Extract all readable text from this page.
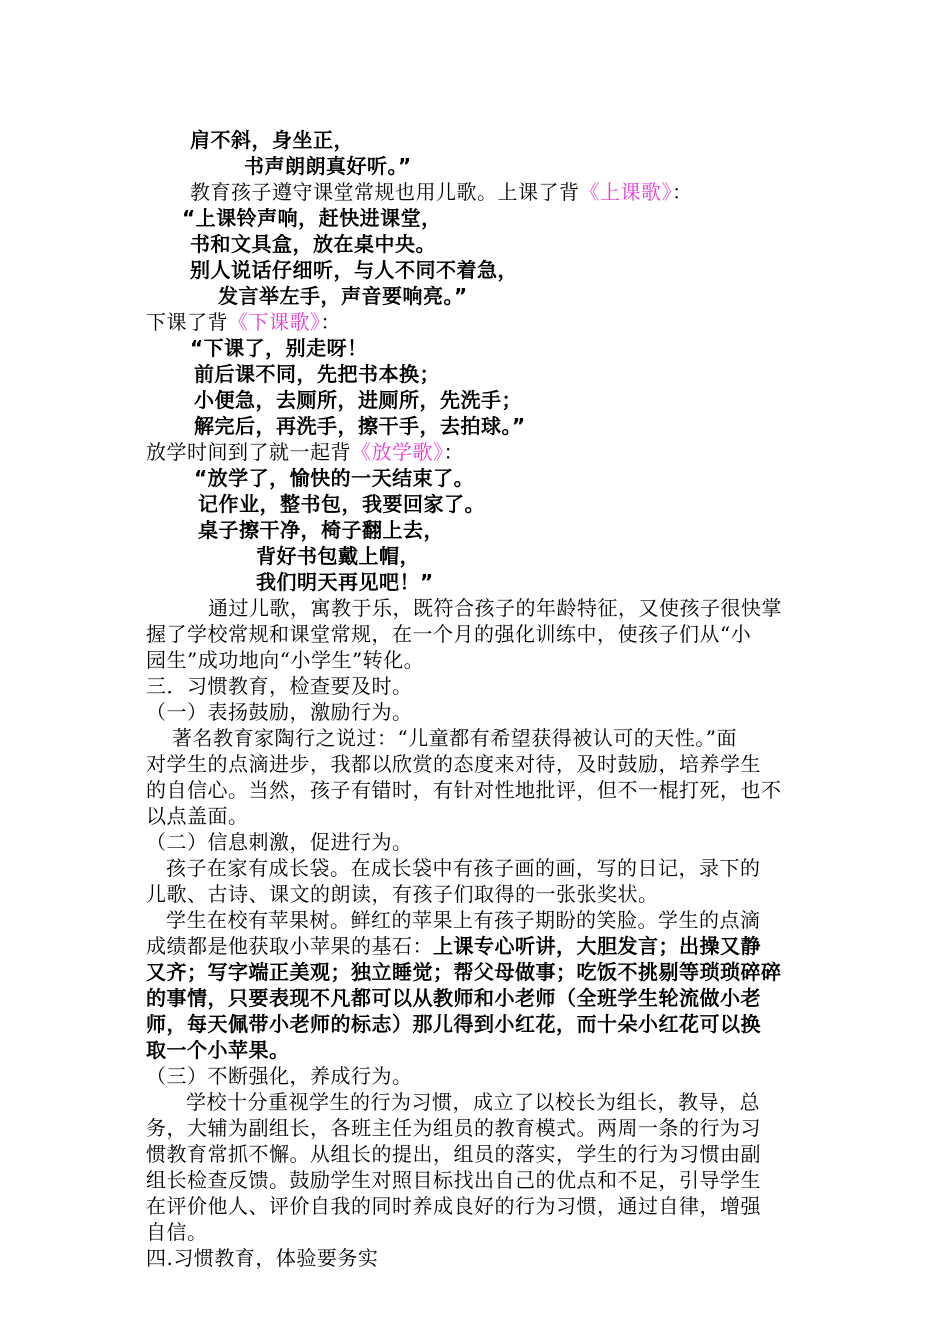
肩不斜，身坐正，
书声朗朗真好听。”
教育孩子遵守课堂常规也用儿歌。上课了背《上课歌》：
“上课铃声响，赶快进课堂，
书和文具盒，放在桌中央。
别人说话仔细听，与人不同不着急，
发言举左手，声音要响亮。”
下课了背《下课歌》：
“下课了，别走呀！
前后课不同，先把书本换；
小便急，去厕所，进厕所，先洗手；
解完后，再洗手，擦干手，去拍球。”
放学时间到了就一起背《放学歌》：
“放学了，愉快的一天结束了。
记作业，整书包，我要回家了。
桌子擦干净，椅子翻上去，
背好书包戴上帽，
我们明天再见吧！”
通过儿歌，寓教于乐，既符合孩子的年龄特征，又使孩子很快掌
握了学校常规和课堂常规，在一个月的强化训练中，使孩子们从“小
园生”成功地向“小学生”转化。
三．习惯教育，检查要及时。
（一）表扬鼓励，激励行为。
著名教育家陶行之说过：“儿童都有希望获得被认可的天性。”面
对学生的点滴进步，我都以欣赏的态度来对待，及时鼓励，培养学生
的自信心。当然，孩子有错时，有针对性地批评，但不一棍打死，也不
以点盖面。
（二）信息刺激，促进行为。
孩子在家有成长袋。在成长袋中有孩子画的画，写的日记，录下的
儿歌、古诗、课文的朗读，有孩子们取得的一张张奖状。
学生在校有苹果树。鲜红的苹果上有孩子期盼的笑脸。学生的点滴
成绩都是他获取小苹果的基石：上课专心听讲，大胆发言；出操又静
又齐；写字端正美观；独立睡觉；帮父母做事；吃饭不挑剔等琐琐碎碎
的事情，只要表现不凡都可以从教师和小老师（全班学生轮流做小老
师，每天佩带小老师的标志）那儿得到小红花，而十朵小红花可以换
取一个小苹果。
（三）不断强化，养成行为。
学校十分重视学生的行为习惯，成立了以校长为组长，教导，总
务，大辅为副组长，各班主任为组员的教育模式。两周一条的行为习
惯教育常抓不懈。从组长的提出，组员的落实，学生的行为习惯由副
组长检查反馈。鼓励学生对照目标找出自己的优点和不足，引导学生
在评价他人、评价自我的同时养成良好的行为习惯，通过自律，增强
自信。
四.习惯教育，体验要务实
